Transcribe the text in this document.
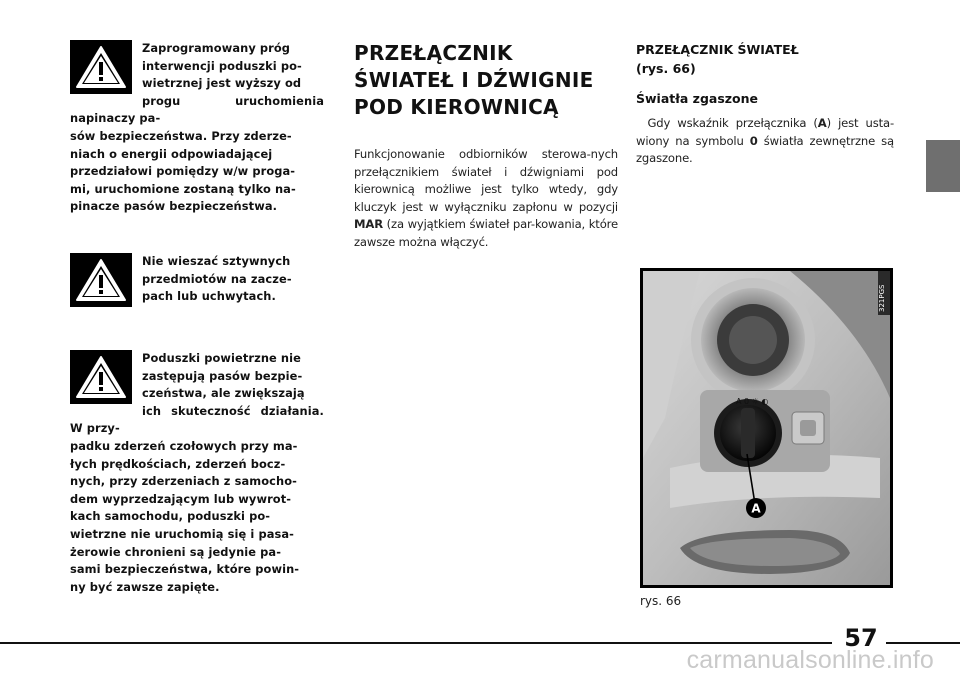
Zaprogramowany próg
interwencji poduszki po-
wietrznej jest wyższy od
progu uruchomienia napinaczy pa-
sów bezpieczeństwa. Przy zderze-
niach o energii odpowiadającej
przedziałowi pomiędzy w/w proga-
mi, uruchomione zostaną tylko na-
pinacze pasów bezpieczeństwa.

Nie wieszać sztywnych
przedmiotów na zacze-
pach lub uchwytach.

Poduszki powietrzne nie
zastępują pasów bezpie-
czeństwa, ale zwiększają
ich skuteczność działania. W przy-
padku zderzeń czołowych przy ma-
łych prędkościach, zderzeń bocz-
nych, przy zderzeniach z samocho-
dem wyprzedzającym lub wywrot-
kach samochodu, poduszki po-
wietrzne nie uruchomią się i pasa-
żerowie chronieni są jedynie pa-
sami bezpieczeństwa, które powin-
ny być zawsze zapięte.

PRZEŁĄCZNIK
ŚWIATEŁ I DŹWIGNIE
POD KIEROWNICĄ

Funkcjonowanie odbiorników sterowa-nych przełącznikiem świateł i dźwigniami pod kierownicą możliwe jest tylko wtedy, gdy kluczyk jest w wyłączniku zapłonu w pozycji MAR (za wyjątkiem świateł par-kowania, które zawsze można włączyć.

PRZEŁĄCZNIK ŚWIATEŁ
(rys. 66)

Światła zgaszone

 Gdy wskaźnik przełącznika (A) jest usta-wiony na symbolu 0 światła zewnętrzne są zgaszone.

A 0 ☼ ◐
A
321PGS

rys. 66

57
carmanualsonline.info
